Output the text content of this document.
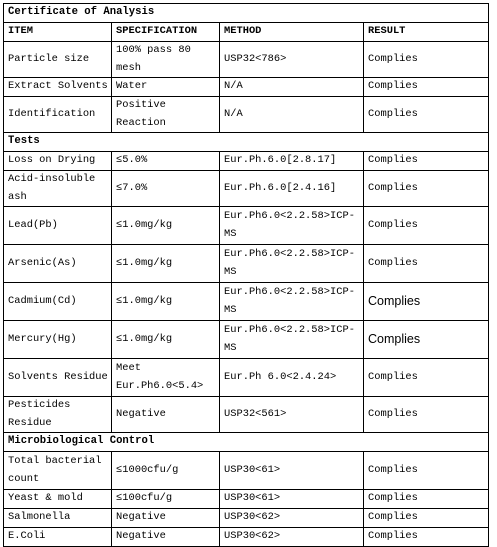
Certificate of Analysis			
ITEM	SPECIFICATION	METHOD	RESULT
Particle size	100% pass 80 mesh	USP32<786>	Complies
Extract Solvents	Water	N/A	Complies
Identification	Positive Reaction	N/A	Complies
Tests			
Loss on Drying	≤5.0%	Eur.Ph.6.0[2.8.17]	Complies
Acid-insoluble ash	≤7.0%	Eur.Ph.6.0[2.4.16]	Complies
Lead(Pb)	≤1.0mg/kg	Eur.Ph6.0<2.2.58>ICP-MS	Complies
Arsenic(As)	≤1.0mg/kg	Eur.Ph6.0<2.2.58>ICP-MS	Complies
Cadmium(Cd)	≤1.0mg/kg	Eur.Ph6.0<2.2.58>ICP-MS	Complies
Mercury(Hg)	≤1.0mg/kg	Eur.Ph6.0<2.2.58>ICP-MS	Complies
Solvents Residue	Meet Eur.Ph6.0<5.4>	Eur.Ph 6.0<2.4.24>	Complies
Pesticides Residue	Negative	USP32<561>	Complies
Microbiological Control			
Total bacterial count	≤1000cfu/g	USP30<61>	Complies
Yeast & mold	≤100cfu/g	USP30<61>	Complies
Salmonella	Negative	USP30<62>	Complies
E.Coli	Negative	USP30<62>	Complies
